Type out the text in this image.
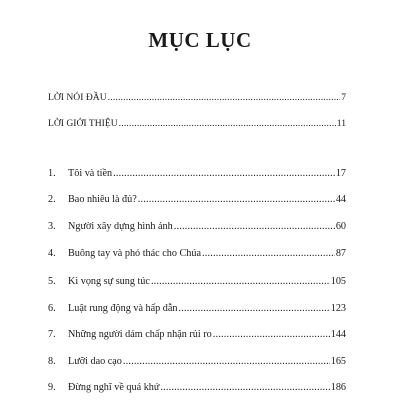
MỤC LỤC
LỜI NÓI ĐẦU .....	7
LỜI GIỚI THIỆU .....	11
1.	Tôi và tiền .....	17
2.	Bao nhiêu là đủ? .....	44
3.	Người xây dựng hình ảnh .....	60
4.	Buông tay và phó thác cho Chúa .....	87
5.	Kì vọng sự sung túc .....	105
6.	Luật rung động và hấp dẫn .....	123
7.	Những người dám chấp nhận rủi ro .....	144
8.	Lưỡi dao cạo .....	165
9.	Đừng nghĩ về quá khứ .....	186
